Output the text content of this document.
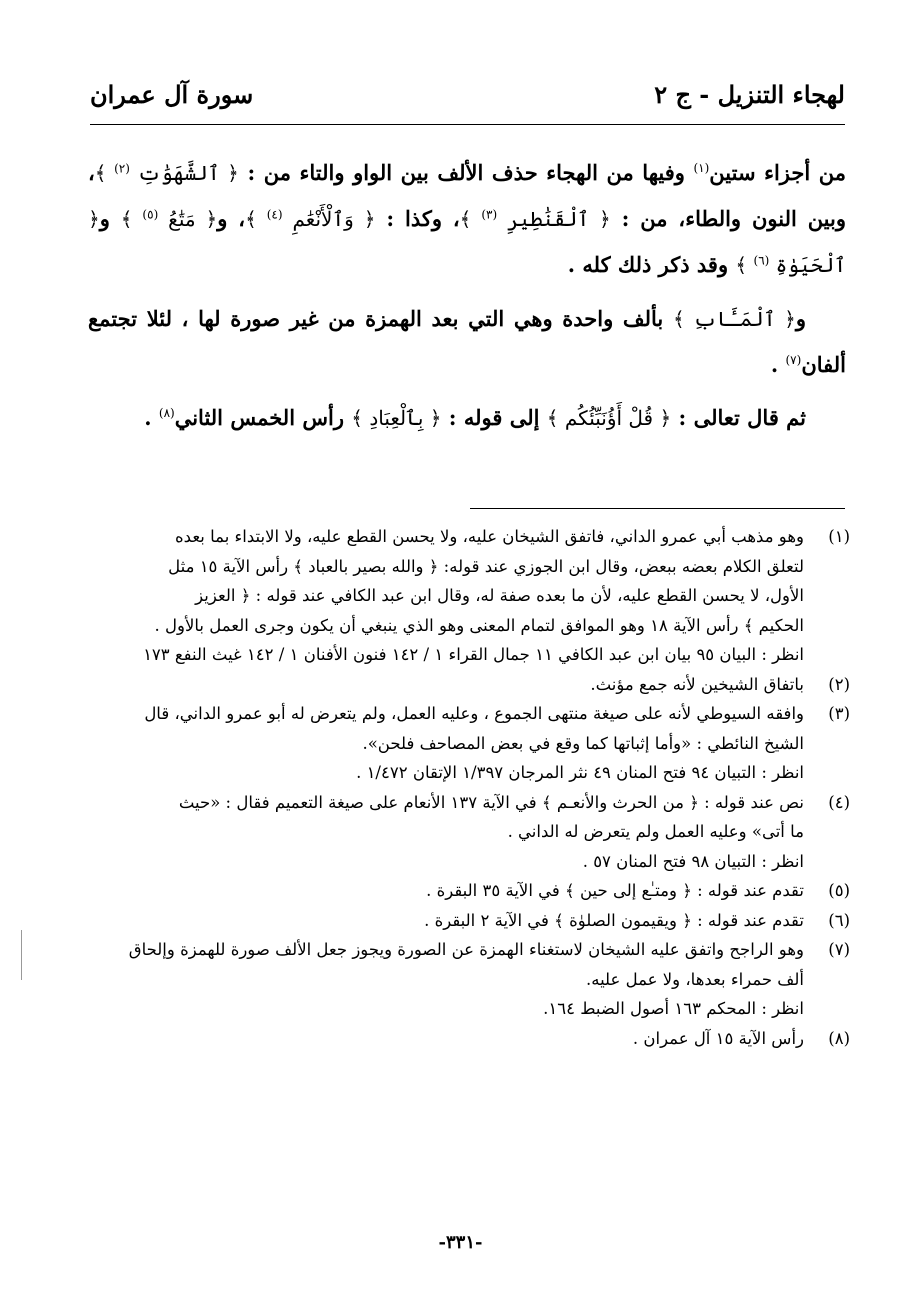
لهجاء التنزيل - ج ٢
سورة آل عمران

من أجزاء ستين$^{(١)}$ وفيها من الهجاء حذف الألف بين الواو والتاء من : ﴿ ٱلشَّهَوَٰتِ $^{(٢)}$ ﴾، وبين النون والطاء، من : ﴿ ٱلْقَنَٰطِيرِ $^{(٣)}$ ﴾، وكذا : ﴿ وَٱلْأَنْعَٰمِ $^{(٤)}$ ﴾، و﴿ مَتَٰعُ $^{(٥)}$ ﴾ و﴿ ٱلْحَيَوٰةِ $^{(٦)}$ ﴾ وقد ذكر ذلك كله .

و﴿ ٱلْمَـَٔابِ ﴾ بألف واحدة وهي التي بعد الهمزة من غير صورة لها ، لئلا تجتمع ألفان$^{(٧)}$ .

ثم قال تعالى : ﴿ قُلْ أَؤُنَبِّئُكُم ﴾ إلى قوله : ﴿ بِٱلْعِبَادِ ﴾ رأس الخمس الثاني$^{(٨)}$ .

(١)
وهو مذهب أبي عمرو الداني، فاتفق الشيخان عليه، ولا يحسن القطع عليه، ولا الابتداء بما بعده
لتعلق الكلام بعضه ببعض، وقال ابن الجوزي عند قوله: ﴿ والله بصير بالعباد ﴾ رأس الآية ١٥ مثل
الأول، لا يحسن القطع عليه، لأن ما بعده صفة له، وقال ابن عبد الكافي عند قوله : ﴿ العزيز
الحكيم ﴾ رأس الآية ١٨ وهو الموافق لتمام المعنى وهو الذي ينبغي أن يكون وجرى العمل بالأول .
انظر : البيان ٩٥ بيان ابن عبد الكافي ١١ جمال القراء ١ / ١٤٢ فنون الأفنان ١ / ١٤٢ غيث النفع ١٧٣
(٢)
باتفاق الشيخين لأنه جمع مؤنث.
(٣)
وافقه السيوطي لأنه على صيغة منتهى الجموع ، وعليه العمل، ولم يتعرض له أبو عمرو الداني، قال
الشيخ النائطي : «وأما إثباتها كما وقع في بعض المصاحف فلحن».
انظر : التبيان ٩٤ فتح المنان ٤٩ نثر المرجان ١/٣٩٧ الإتقان ١/٤٧٢ .
(٤)
نص عند قوله : ﴿ من الحرث والأنعـم ﴾ في الآية ١٣٧ الأنعام على صيغة التعميم فقال : «حيث
ما أتى» وعليه العمل ولم يتعرض له الداني .
انظر : التبيان ٩٨ فتح المنان ٥٧ .
(٥)
تقدم عند قوله : ﴿ ومتـٰع إلى حين ﴾ في الآية ٣٥ البقرة .
(٦)
تقدم عند قوله : ﴿ ويقيمون الصلوٰة ﴾ في الآية ٢ البقرة .
(٧)
وهو الراجح واتفق عليه الشيخان لاستغناء الهمزة عن الصورة ويجوز جعل الألف صورة للهمزة وإلحاق
ألف حمراء بعدها، ولا عمل عليه.
انظر : المحكم ١٦٣ أصول الضبط ١٦٤.
(٨)
رأس الآية ١٥ آل عمران .
-٣٣١-
